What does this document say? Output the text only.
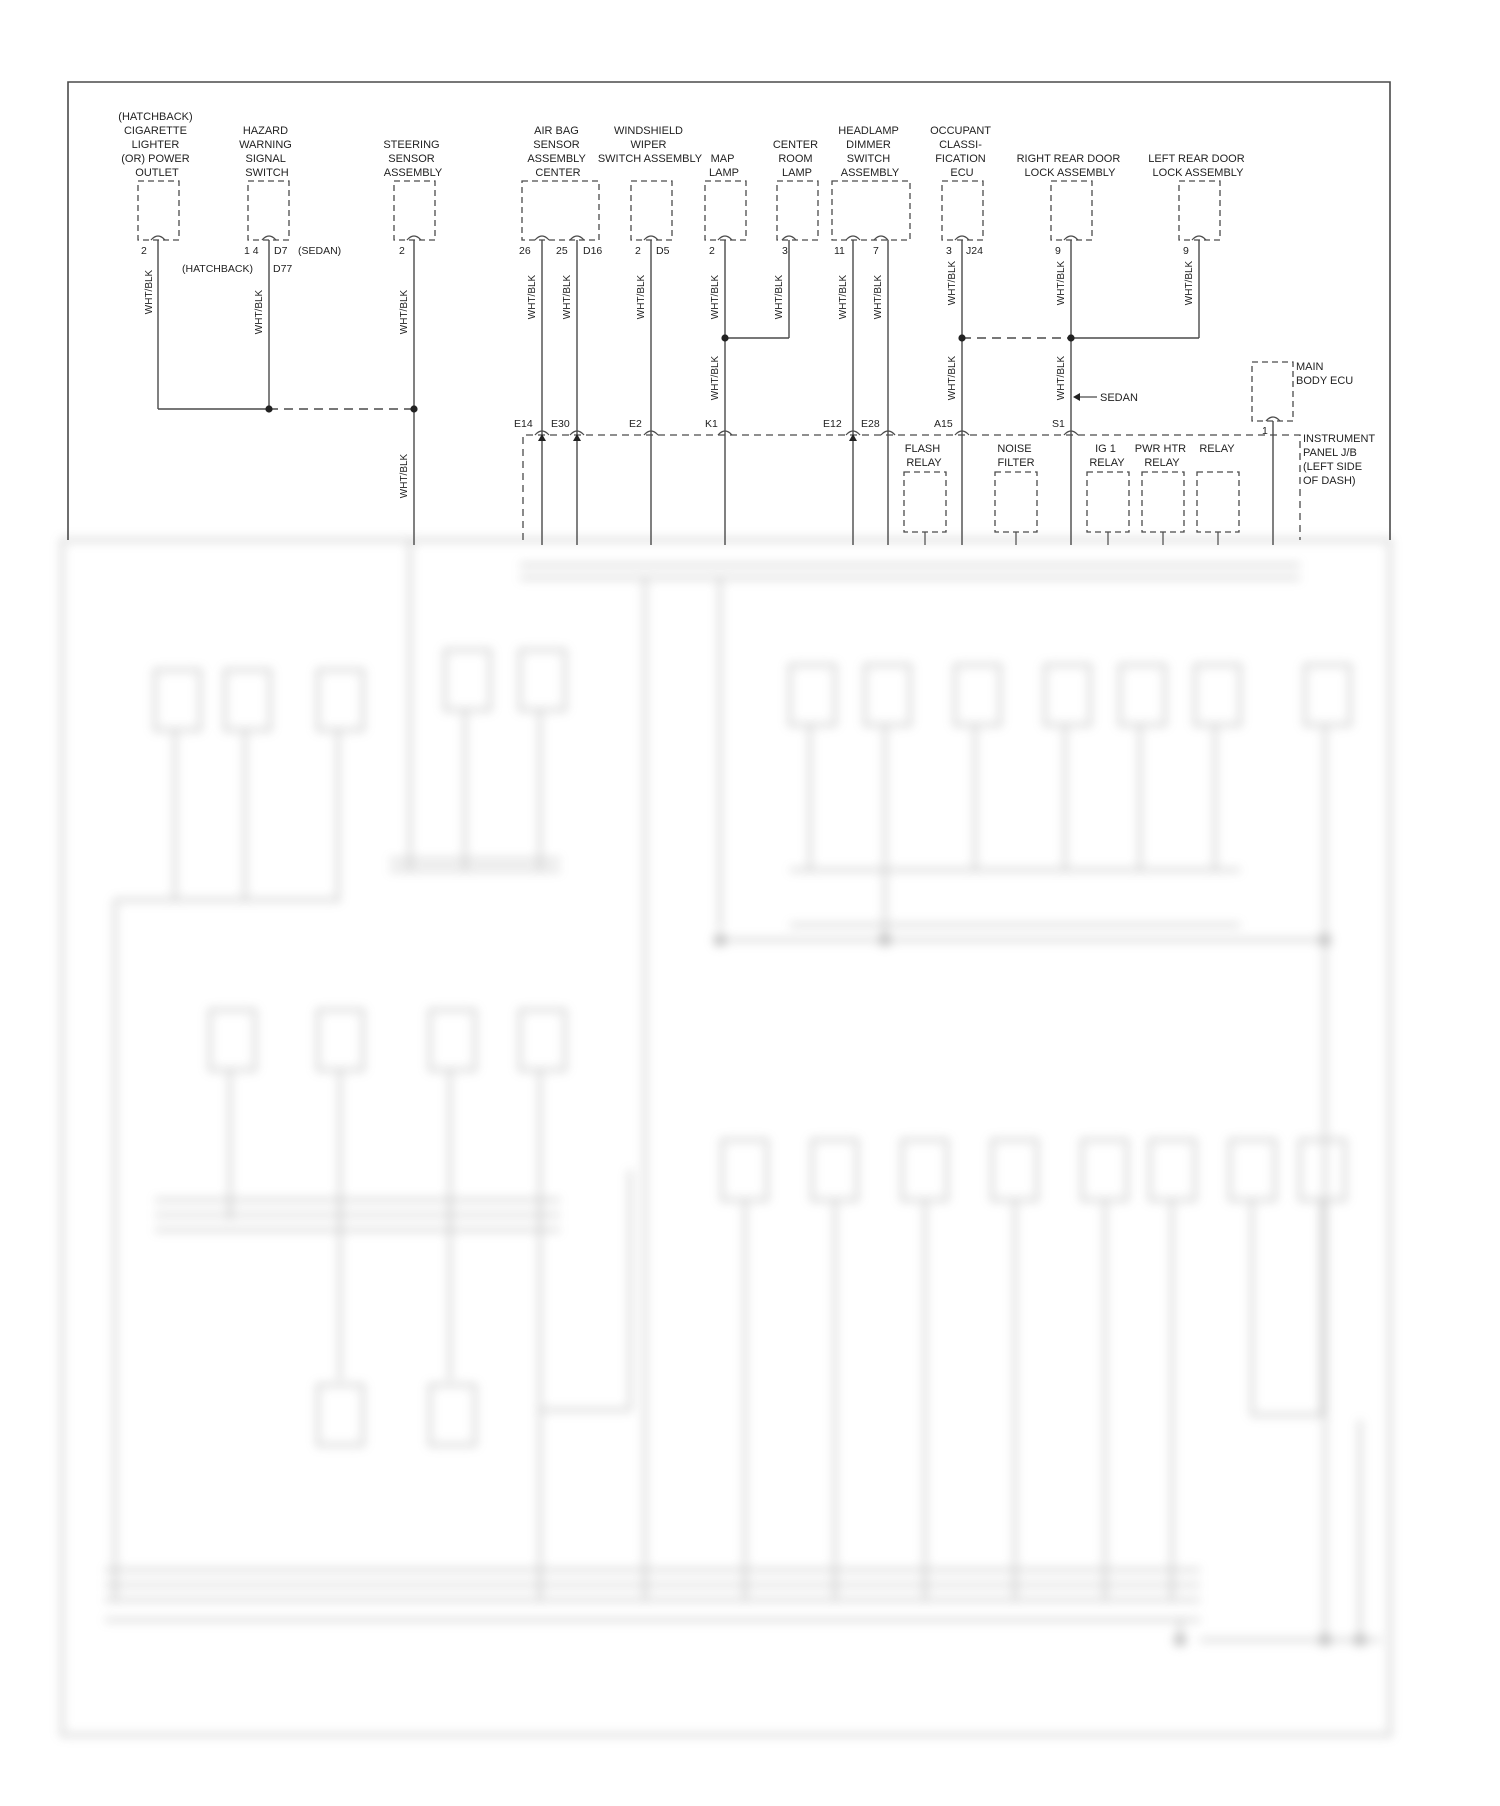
(HATCHBACK) CIGARETTE LIGHTER (OR) POWER OUTLET
HAZARD WARNING SIGNAL SWITCH
STEERING SENSOR ASSEMBLY
AIR BAG SENSOR ASSEMBLY CENTER
WINDSHIELD WIPER SWITCH ASSEMBLY MAP LAMP
CENTER ROOM LAMP
HEADLAMP DIMMER SWITCH ASSEMBLY
OCCUPANT CLASSI- FICATION ECU
RIGHT REAR DOOR LOCK ASSEMBLY
LEFT REAR DOOR LOCK ASSEMBLY
2	1 4 D7 (SEDAN)
(HATCHBACK) D77
2	26 25 D16	2 D5	2	3	11	7	3 J24	9	9
1
WHT/BLK	WHT/BLK	WHT/BLK
WHT/BLK
WHT/BLK WHT/BLK	WHT/BLK	WHT/BLK
WHT/BLK
WHT/BLK	WHT/BLK WHT/BLK	WHT/BLK
WHT/BLK
WHT/BLK
WHT/BLK
WHT/BLK
SEDAN
MAIN BODY ECU
E14 E30	E2	K1	E12 E28	A15	S1
INSTRUMENT PANEL J/B (LEFT SIDE OF DASH)
FLASH RELAY
NOISE FILTER
IG 1 RELAY
PWR HTR RELAY
RELAY
